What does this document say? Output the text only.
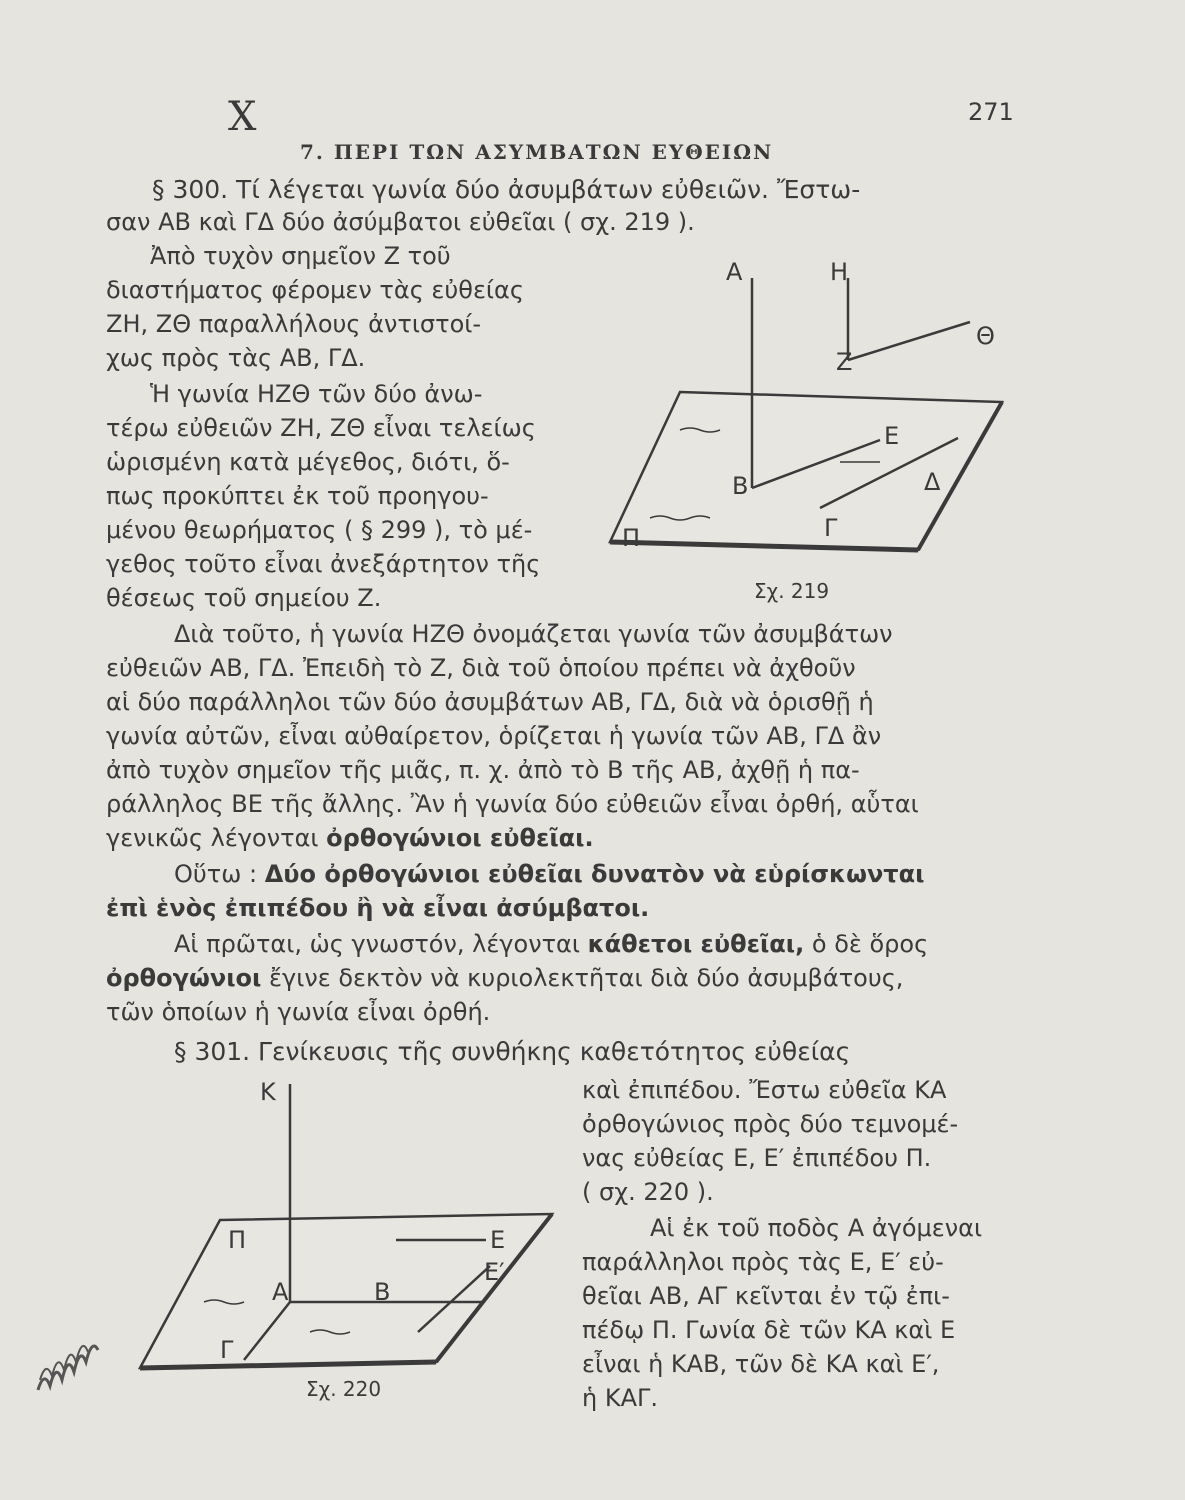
271
X
7. ΠΕΡΙ ΤΩΝ ΑΣΥΜΒΑΤΩΝ ΕΥΘΕΙΩΝ
§ 300. Τί λέγεται γωνία δύο ἀσυμβάτων εὐθειῶν. Ἔστω-
σαν ΑΒ καὶ ΓΔ δύο ἀσύμβατοι εὐθεῖαι ( σχ. 219 ).
Ἀπὸ τυχὸν σημεῖον Ζ τοῦ
διαστήματος φέρομεν τὰς εὐθείας
ΖΗ, ΖΘ παραλλήλους ἀντιστοί-
χως πρὸς τὰς ΑΒ, ΓΔ.
Ἡ γωνία ΗΖΘ τῶν δύο ἀνω-
τέρω εὐθειῶν ΖΗ, ΖΘ εἶναι τελείως
ὡρισμένη κατὰ μέγεθος, διότι, ὅ-
πως προκύπτει ἐκ τοῦ προηγου-
μένου θεωρήματος ( § 299 ), τὸ μέ-
γεθος τοῦτο εἶναι ἀνεξάρτητον τῆς
θέσεως τοῦ σημείου Ζ.
Διὰ τοῦτο, ἡ γωνία ΗΖΘ ὀνομάζεται γωνία τῶν ἀσυμβάτων
εὐθειῶν ΑΒ, ΓΔ. Ἐπειδὴ τὸ Ζ, διὰ τοῦ ὁποίου πρέπει νὰ ἀχθοῦν
αἱ δύο παράλληλοι τῶν δύο ἀσυμβάτων ΑΒ, ΓΔ, διὰ νὰ ὁρισθῇ ἡ
γωνία αὐτῶν, εἶναι αὐθαίρετον, ὁρίζεται ἡ γωνία τῶν ΑΒ, ΓΔ ἂν
ἀπὸ τυχὸν σημεῖον τῆς μιᾶς, π. χ. ἀπὸ τὸ Β τῆς ΑΒ, ἀχθῇ ἡ πα-
ράλληλος ΒΕ τῆς ἄλλης. Ἂν ἡ γωνία δύο εὐθειῶν εἶναι ὀρθή, αὗται
γενικῶς λέγονται ὀρθογώνιοι εὐθεῖαι.
Οὕτω : Δύο ὀρθογώνιοι εὐθεῖαι δυνατὸν νὰ εὑρίσκωνται
ἐπὶ ἑνὸς ἐπιπέδου ἢ νὰ εἶναι ἀσύμβατοι.
Αἱ πρῶται, ὡς γνωστόν, λέγονται κάθετοι εὐθεῖαι, ὁ δὲ ὅρος
ὀρθογώνιοι ἔγινε δεκτὸν νὰ κυριολεκτῆται διὰ δύο ἀσυμβάτους,
τῶν ὁποίων ἡ γωνία εἶναι ὀρθή.
§ 301. Γενίκευσις τῆς συνθήκης καθετότητος εὐθείας
καὶ ἐπιπέδου. Ἔστω εὐθεῖα ΚΑ
ὀρθογώνιος πρὸς δύο τεμνομέ-
νας εὐθείας Ε, Ε′ ἐπιπέδου Π.
( σχ. 220 ).
Αἱ ἐκ τοῦ ποδὸς Α ἀγόμεναι
παράλληλοι πρὸς τὰς Ε, Ε′ εὐ-
θεῖαι ΑΒ, ΑΓ κεῖνται ἐν τῷ ἐπι-
πέδῳ Π. Γωνία δὲ τῶν ΚΑ καὶ Ε
εἶναι ἡ ΚΑΒ, τῶν δὲ ΚΑ καὶ Ε′,
ἡ ΚΑΓ.
Α	Η
Θ
Ζ
Ε
Β	Δ
Γ
Π
Σχ. 219
Κ
Π	Ε
Ε′
Α	Β
Γ
Σχ. 220
